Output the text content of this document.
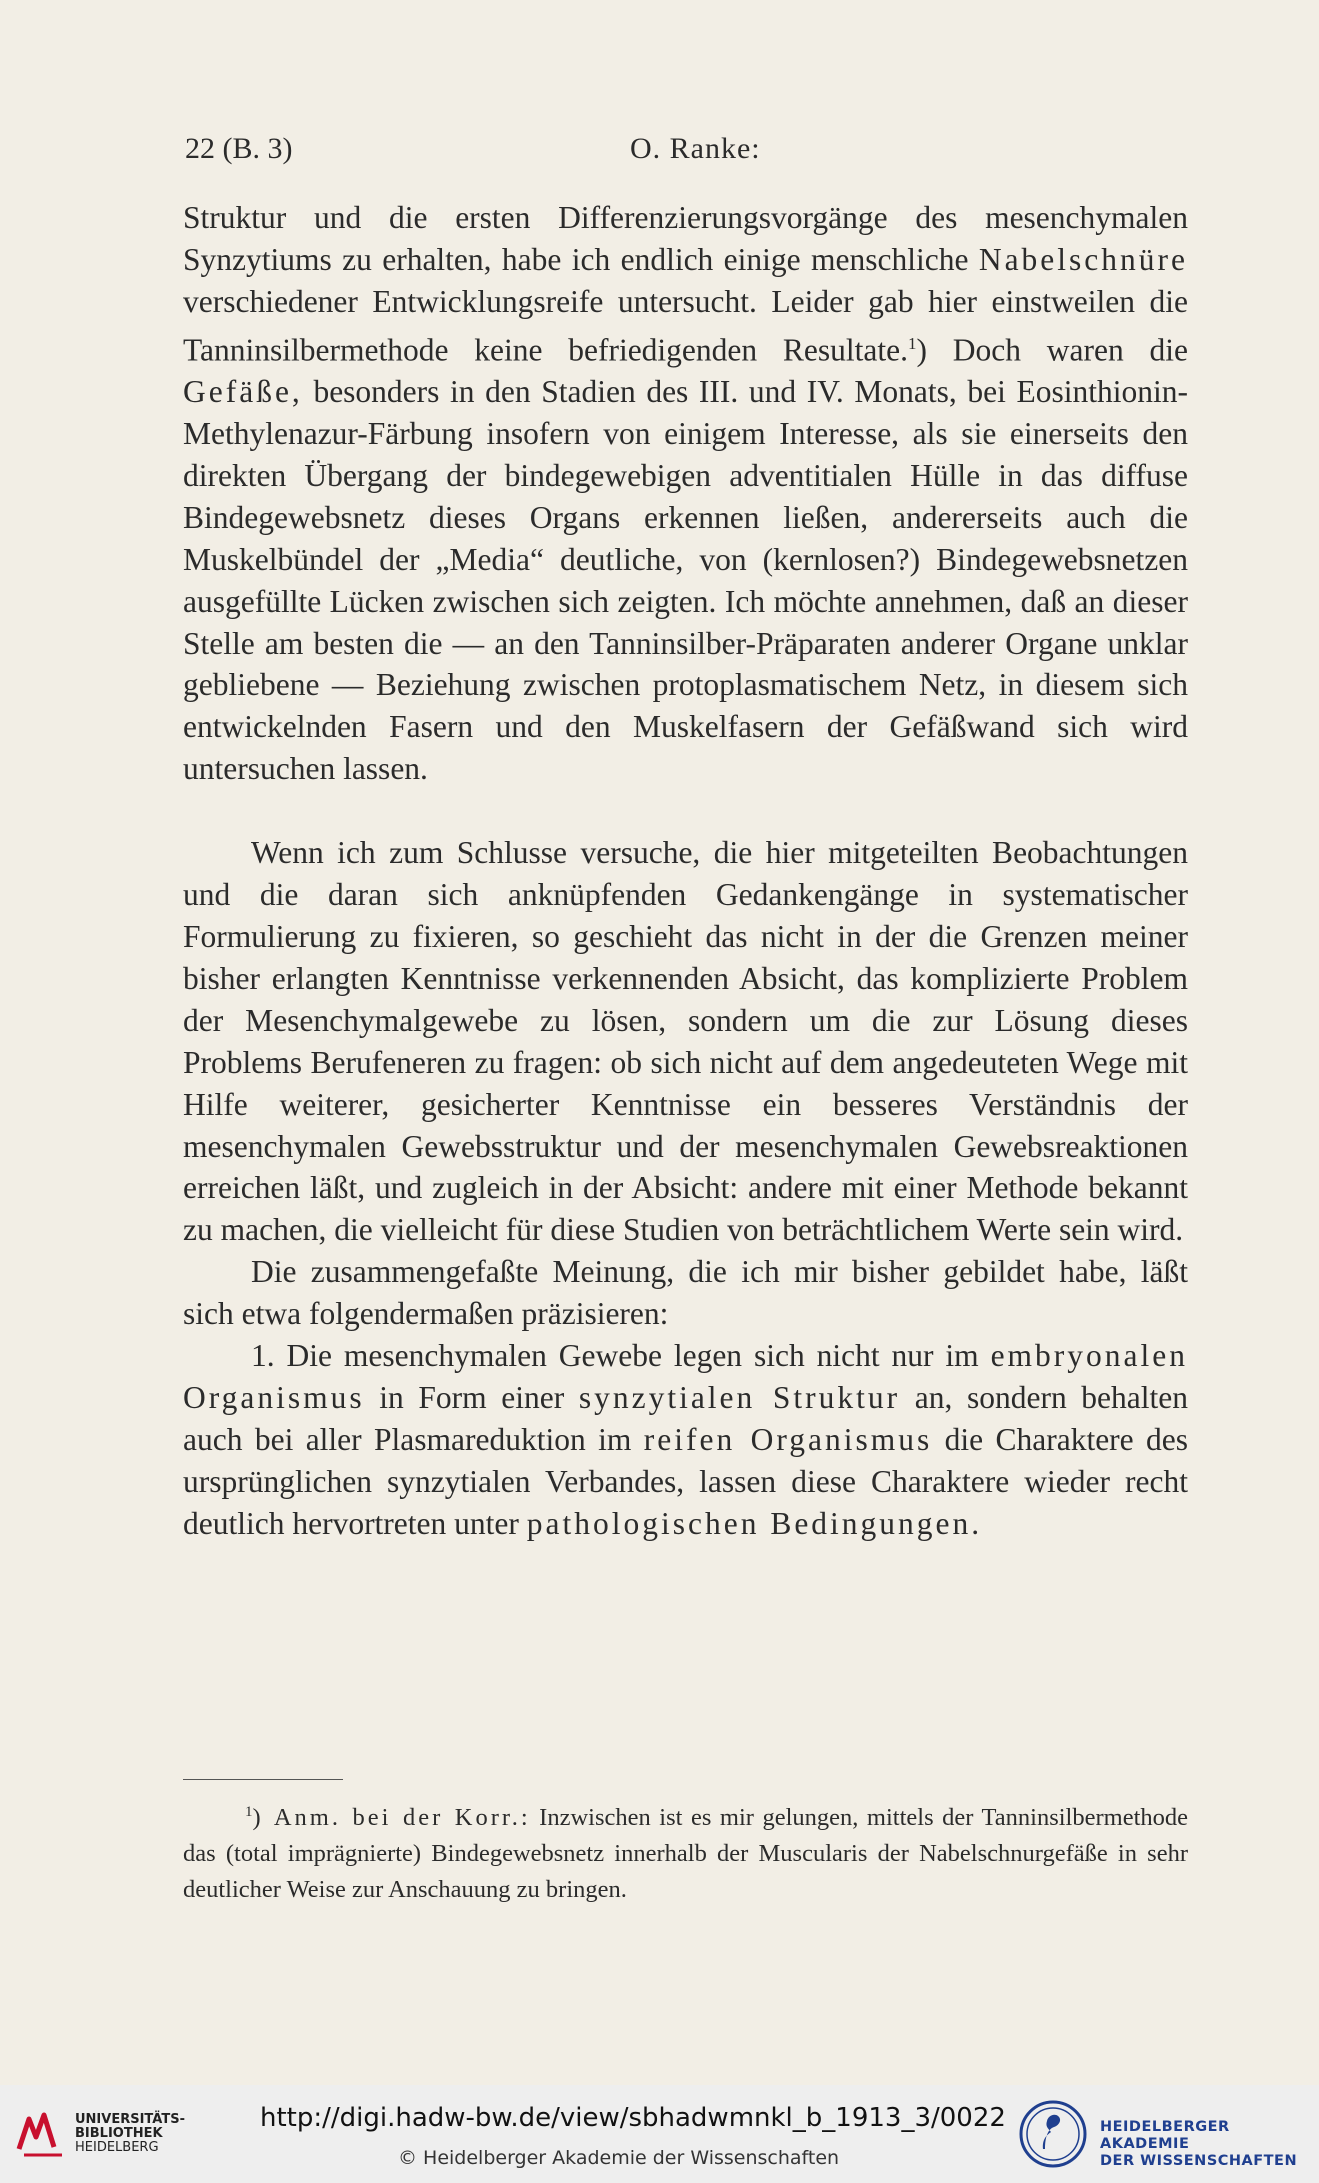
22 (B. 3)	O. Ranke:

Struktur und die ersten Differenzierungsvorgänge des mesenchymalen Synzytiums zu erhalten, habe ich endlich einige menschliche Nabelschnüre verschiedener Entwicklungsreife untersucht. Leider gab hier einstweilen die Tanninsilbermethode keine befriedigenden Resultate.$^1$) Doch waren die Gefäße, besonders in den Stadien des III. und IV. Monats, bei Eosinthionin-Methylenazur-Färbung insofern von einigem Interesse, als sie einerseits den direkten Übergang der bindegewebigen adventitialen Hülle in das diffuse Bindegewebsnetz dieses Organs erkennen ließen, andererseits auch die Muskelbündel der „Media“ deutliche, von (kernlosen?) Bindegewebsnetzen ausgefüllte Lücken zwischen sich zeigten. Ich möchte annehmen, daß an dieser Stelle am besten die — an den Tanninsilber-Präparaten anderer Organe unklar gebliebene — Beziehung zwischen protoplasmatischem Netz, in diesem sich entwickelnden Fasern und den Muskelfasern der Gefäßwand sich wird untersuchen lassen.

Wenn ich zum Schlusse versuche, die hier mitgeteilten Beobachtungen und die daran sich anknüpfenden Gedankengänge in systematischer Formulierung zu fixieren, so geschieht das nicht in der die Grenzen meiner bisher erlangten Kenntnisse verkennenden Absicht, das komplizierte Problem der Mesenchymalgewebe zu lösen, sondern um die zur Lösung dieses Problems Berufeneren zu fragen: ob sich nicht auf dem angedeuteten Wege mit Hilfe weiterer, gesicherter Kenntnisse ein besseres Verständnis der mesenchymalen Gewebsstruktur und der mesenchymalen Gewebsreaktionen erreichen läßt, und zugleich in der Absicht: andere mit einer Methode bekannt zu machen, die vielleicht für diese Studien von beträchtlichem Werte sein wird.

Die zusammengefaßte Meinung, die ich mir bisher gebildet habe, läßt sich etwa folgendermaßen präzisieren:

1. Die mesenchymalen Gewebe legen sich nicht nur im embryonalen Organismus in Form einer synzytialen Struktur an, sondern behalten auch bei aller Plasmareduktion im reifen Organismus die Charaktere des ursprünglichen synzytialen Verbandes, lassen diese Charaktere wieder recht deutlich hervortreten unter pathologischen Bedingungen.

$^1$) Anm. bei der Korr.: Inzwischen ist es mir gelungen, mittels der Tanninsilbermethode das (total imprägnierte) Bindegewebsnetz innerhalb der Muscularis der Nabelschnurgefäße in sehr deutlicher Weise zur Anschauung zu bringen.

UNIVERSITÄTS-
BIBLIOTHEK
HEIDELBERG
http://digi.hadw-bw.de/view/sbhadwmnkl_b_1913_3/0022
© Heidelberger Akademie der Wissenschaften
HEIDELBERGER AKADEMIE
DER WISSENSCHAFTEN
